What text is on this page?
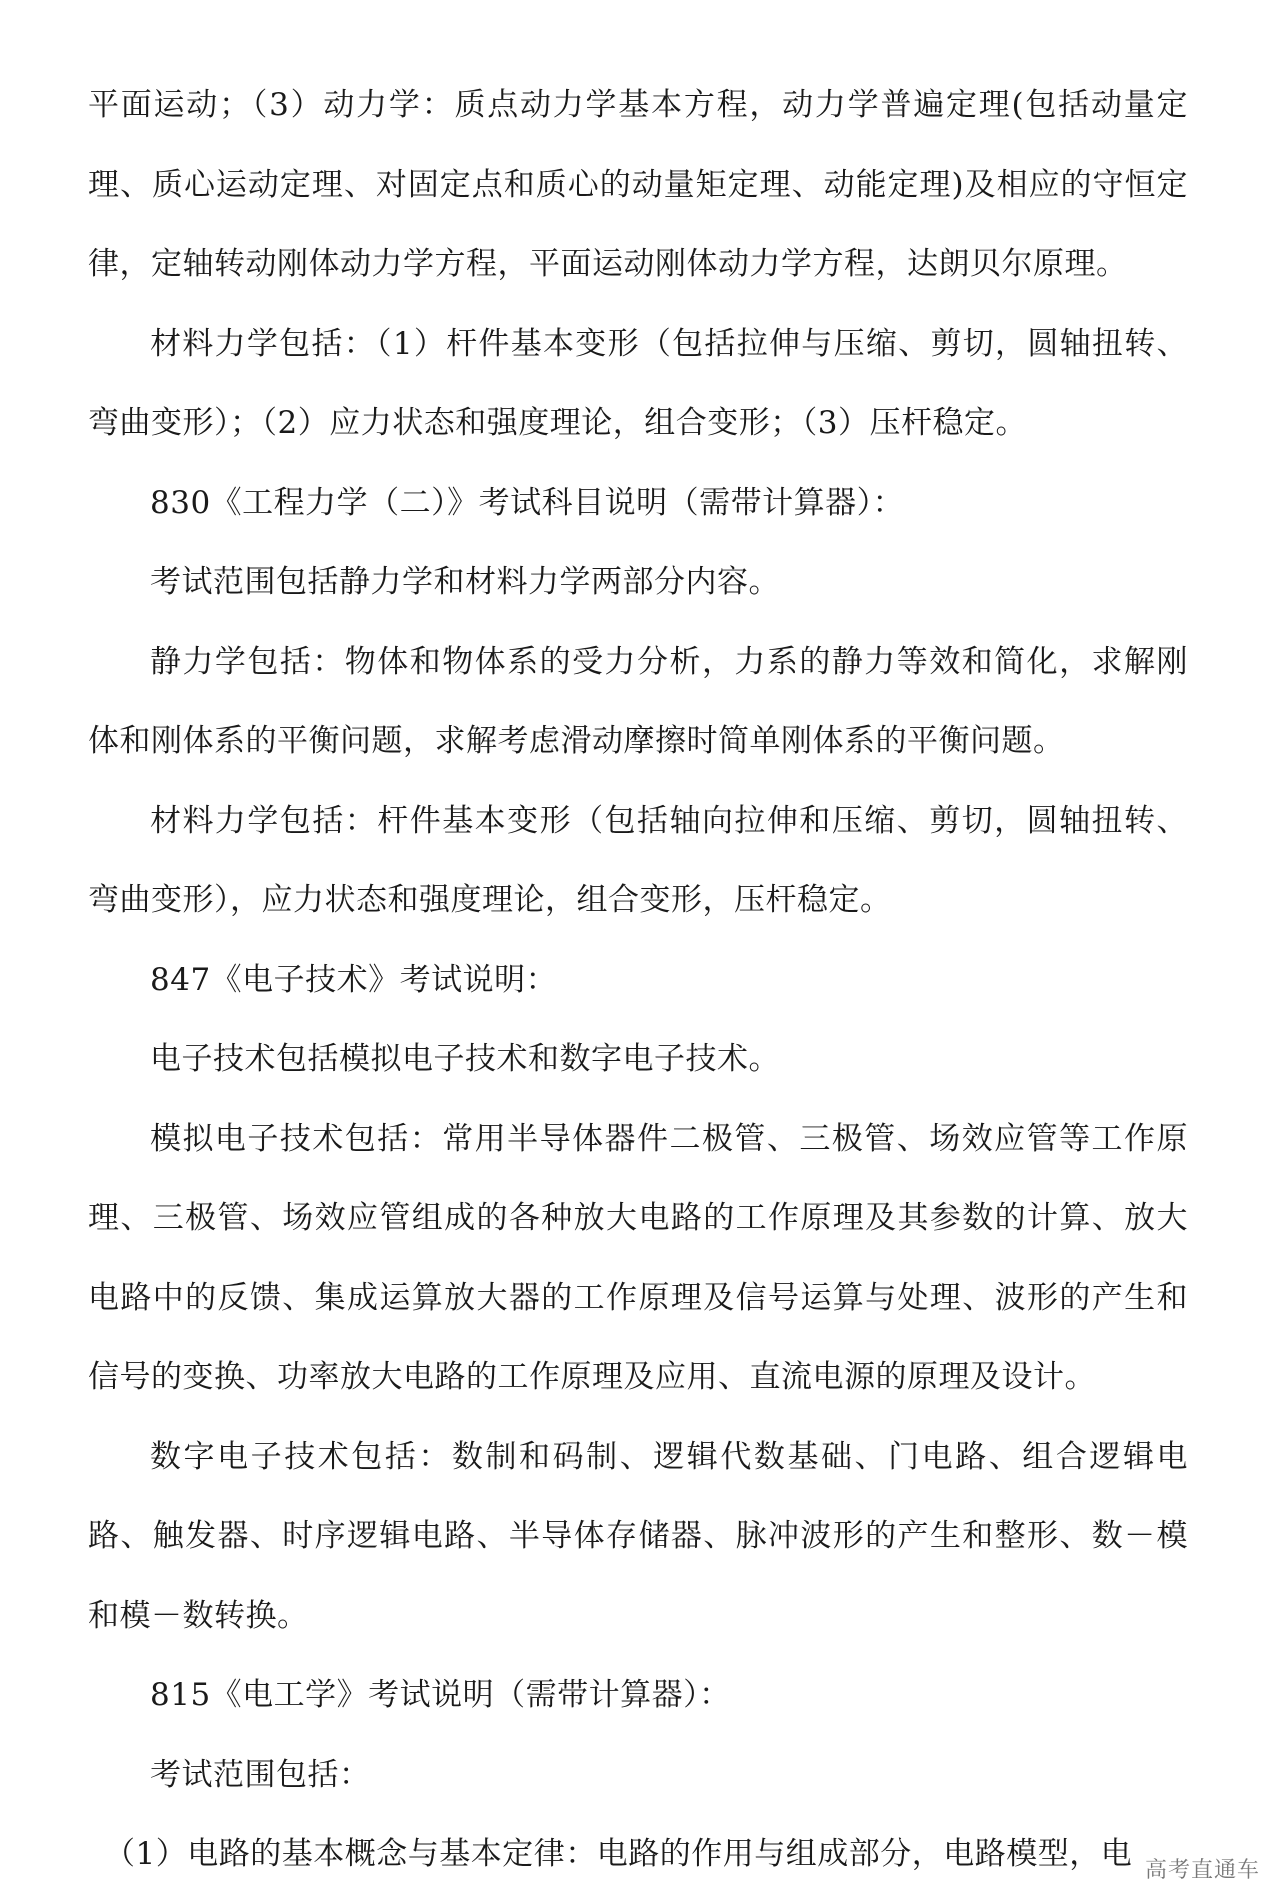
平面运动；（3）动力学：质点动力学基本方程，动力学普遍定理(包括动量定理、质心运动定理、对固定点和质心的动量矩定理、动能定理)及相应的守恒定律，定轴转动刚体动力学方程，平面运动刚体动力学方程，达朗贝尔原理。

材料力学包括：（1）杆件基本变形（包括拉伸与压缩、剪切，圆轴扭转、弯曲变形）；（2）应力状态和强度理论，组合变形；（3）压杆稳定。

830《工程力学（二）》考试科目说明（需带计算器）：

考试范围包括静力学和材料力学两部分内容。

静力学包括：物体和物体系的受力分析，力系的静力等效和简化，求解刚体和刚体系的平衡问题，求解考虑滑动摩擦时简单刚体系的平衡问题。

材料力学包括：杆件基本变形（包括轴向拉伸和压缩、剪切，圆轴扭转、弯曲变形），应力状态和强度理论，组合变形，压杆稳定。

847《电子技术》考试说明：

电子技术包括模拟电子技术和数字电子技术。

模拟电子技术包括：常用半导体器件二极管、三极管、场效应管等工作原理、三极管、场效应管组成的各种放大电路的工作原理及其参数的计算、放大电路中的反馈、集成运算放大器的工作原理及信号运算与处理、波形的产生和信号的变换、功率放大电路的工作原理及应用、直流电源的原理及设计。

数字电子技术包括：数制和码制、逻辑代数基础、门电路、组合逻辑电路、触发器、时序逻辑电路、半导体存储器、脉冲波形的产生和整形、数－模和模－数转换。

815《电工学》考试说明（需带计算器）：

考试范围包括：

（1）电路的基本概念与基本定律：电路的作用与组成部分，电路模型，电 高考直通车
